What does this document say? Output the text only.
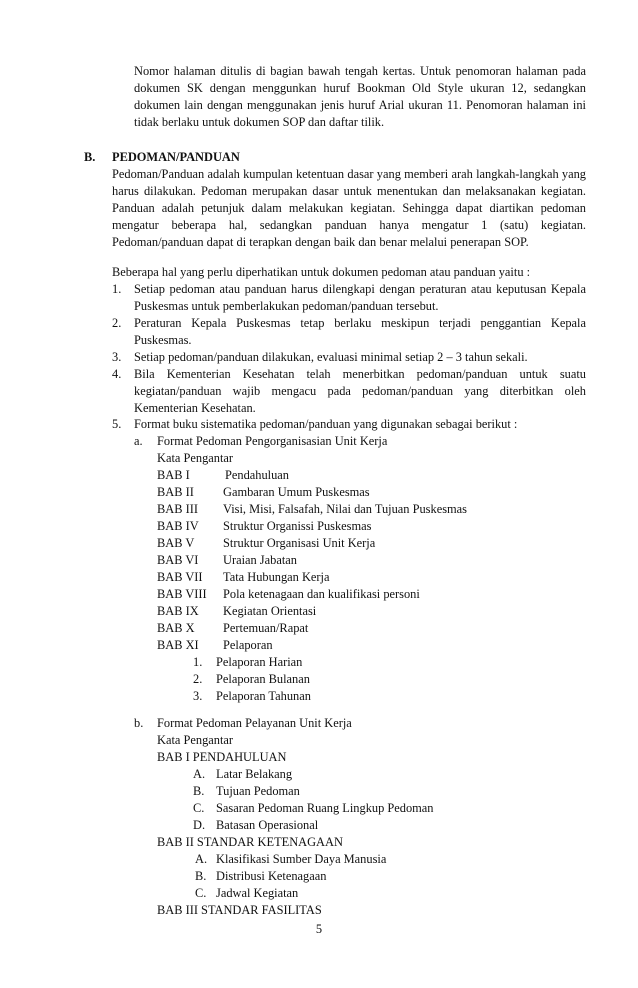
Nomor halaman ditulis di bagian bawah tengah kertas. Untuk penomoran halaman pada dokumen SK dengan menggunkan huruf Bookman Old Style ukuran 12, sedangkan dokumen lain dengan menggunakan jenis huruf Arial ukuran 11. Penomoran halaman ini tidak berlaku untuk dokumen SOP dan daftar tilik.

B. PEDOMAN/PANDUAN

Pedoman/Panduan adalah kumpulan ketentuan dasar yang memberi arah langkah-langkah yang harus dilakukan. Pedoman merupakan dasar untuk menentukan dan melaksanakan kegiatan. Panduan adalah petunjuk dalam melakukan kegiatan. Sehingga dapat diartikan pedoman mengatur beberapa hal, sedangkan panduan hanya mengatur 1 (satu) kegiatan. Pedoman/panduan dapat di terapkan dengan baik dan benar melalui penerapan SOP.

Beberapa hal yang perlu diperhatikan untuk dokumen pedoman atau panduan yaitu :
1. Setiap pedoman atau panduan harus dilengkapi dengan peraturan atau keputusan Kepala Puskesmas untuk pemberlakukan pedoman/panduan tersebut.

2. Peraturan Kepala Puskesmas tetap berlaku meskipun terjadi penggantian Kepala Puskesmas.

3. Setiap pedoman/panduan dilakukan, evaluasi minimal setiap 2 – 3 tahun sekali.

4. Bila Kementerian Kesehatan telah menerbitkan pedoman/panduan untuk suatu kegiatan/panduan wajib mengacu pada pedoman/panduan yang diterbitkan oleh Kementerian Kesehatan.

5. Format buku sistematika pedoman/panduan yang digunakan sebagai berikut :

a. Format Pedoman Pengorganisasian Unit Kerja
Kata Pengantar
BAB I	Pendahuluan
BAB II Gambaran Umum Puskesmas
BAB III Visi, Misi, Falsafah, Nilai dan Tujuan Puskesmas
BAB IV Struktur Organissi Puskesmas
BAB V Struktur Organisasi Unit Kerja
BAB VI Uraian Jabatan
BAB VII Tata Hubungan Kerja
BAB VIII Pola ketenagaan dan kualifikasi personi
BAB IX Kegiatan Orientasi
BAB X Pertemuan/Rapat
BAB XI Pelaporan
1. Pelaporan Harian
2. Pelaporan Bulanan
3. Pelaporan Tahunan
b. Format Pedoman Pelayanan Unit Kerja
Kata Pengantar
BAB I PENDAHULUAN
A. Latar Belakang
B. Tujuan Pedoman
C. Sasaran Pedoman Ruang Lingkup Pedoman
D. Batasan Operasional
BAB II STANDAR KETENAGAAN
A. Klasifikasi Sumber Daya Manusia
B. Distribusi Ketenagaan
C. Jadwal Kegiatan
BAB III STANDAR FASILITAS
5
